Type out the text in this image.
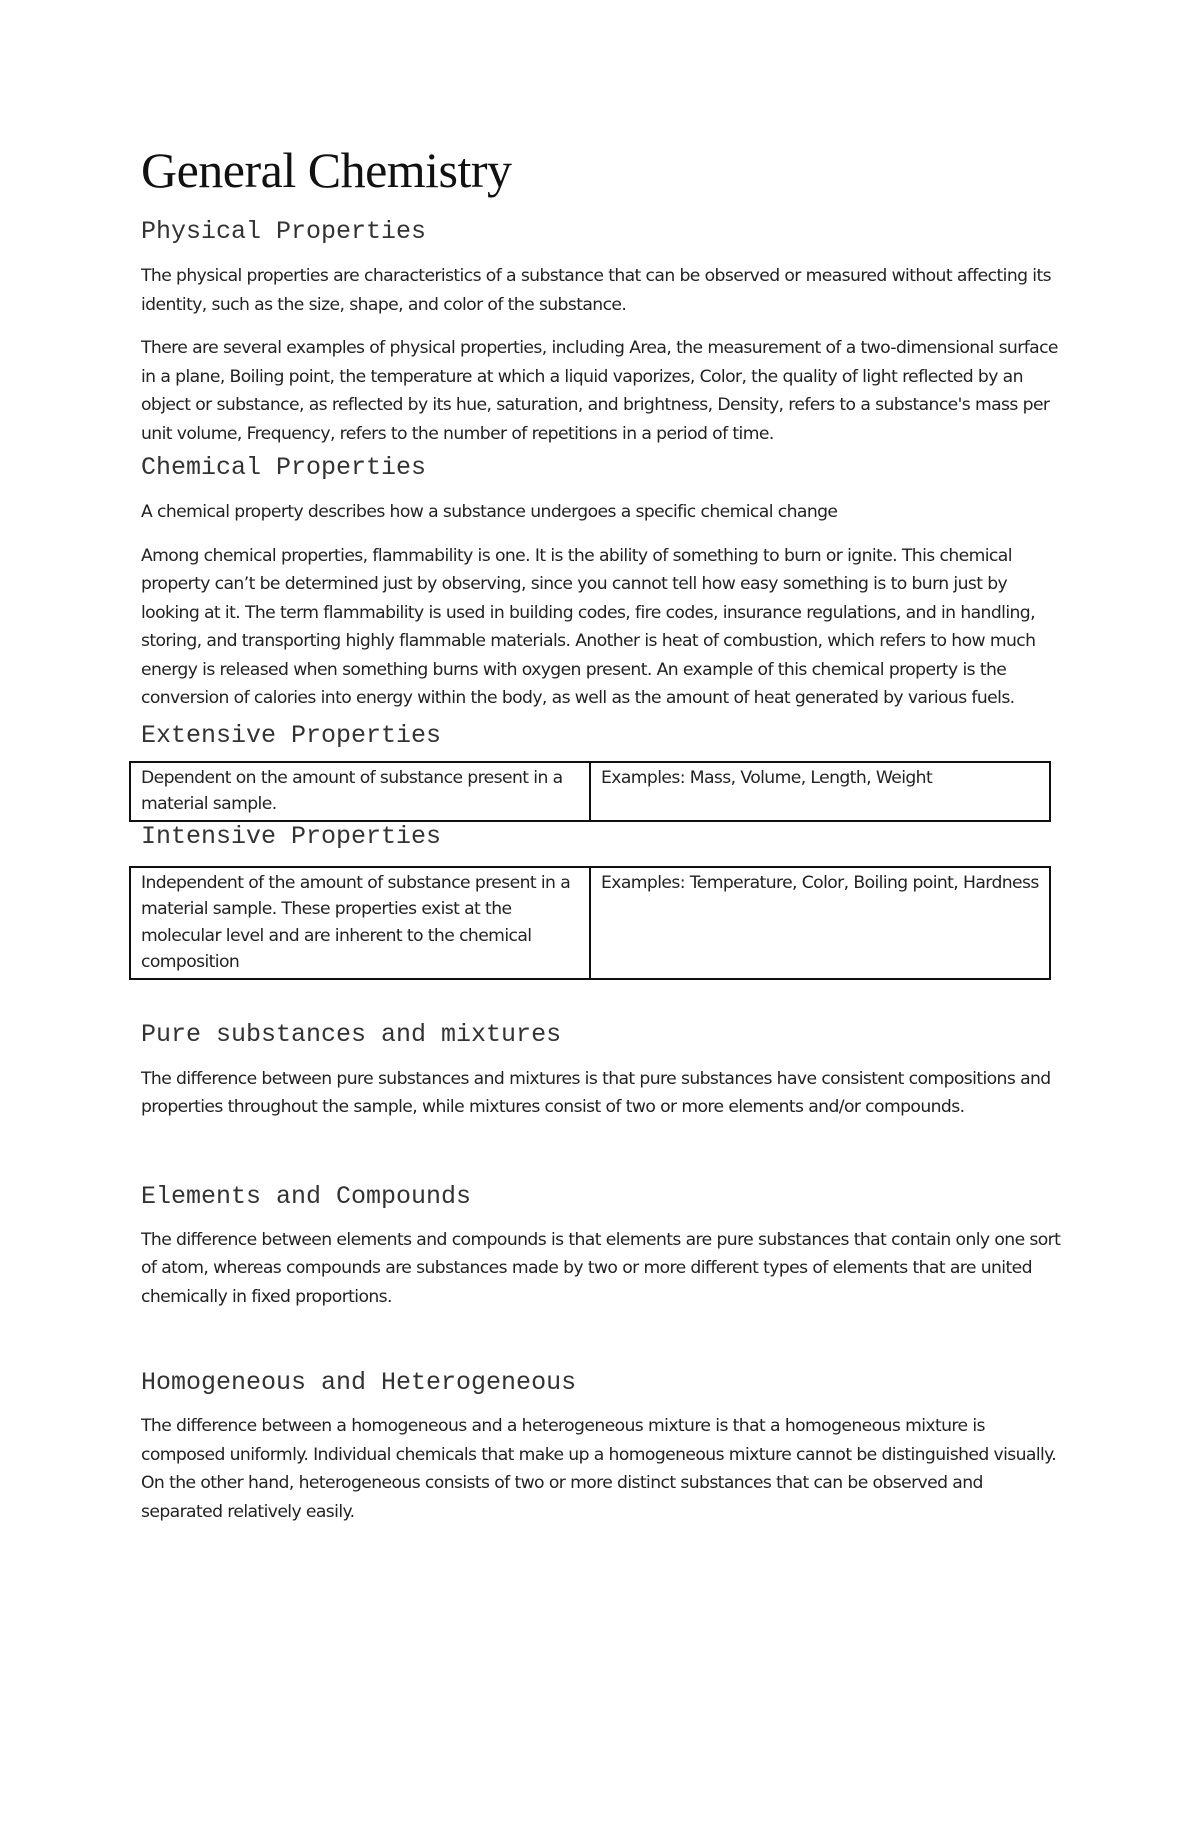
General Chemistry
Physical Properties

The physical properties are characteristics of a substance that can be observed or measured without affecting its identity, such as the size, shape, and color of the substance.

There are several examples of physical properties, including Area, the measurement of a two-dimensional surface in a plane, Boiling point, the temperature at which a liquid vaporizes, Color, the quality of light reflected by an object or substance, as reflected by its hue, saturation, and brightness, Density, refers to a substance's mass per unit volume, Frequency, refers to the number of repetitions in a period of time.

Chemical Properties

A chemical property describes how a substance undergoes a specific chemical change

Among chemical properties, flammability is one. It is the ability of something to burn or ignite. This chemical property can’t be determined just by observing, since you cannot tell how easy something is to burn just by looking at it. The term flammability is used in building codes, fire codes, insurance regulations, and in handling, storing, and transporting highly flammable materials. Another is heat of combustion, which refers to how much energy is released when something burns with oxygen present. An example of this chemical property is the conversion of calories into energy within the body, as well as the amount of heat generated by various fuels.

Extensive Properties
Dependent on the amount of substance present in a material sample.	Examples: Mass, Volume, Length, Weight
Intensive Properties
Independent of the amount of substance present in a material sample. These properties exist at the molecular level and are inherent to the chemical composition	Examples: Temperature, Color, Boiling point, Hardness
Pure substances and mixtures

The difference between pure substances and mixtures is that pure substances have consistent compositions and properties throughout the sample, while mixtures consist of two or more elements and/or compounds.

Elements and Compounds

The difference between elements and compounds is that elements are pure substances that contain only one sort of atom, whereas compounds are substances made by two or more different types of elements that are united chemically in fixed proportions.

Homogeneous and Heterogeneous

The difference between a homogeneous and a heterogeneous mixture is that a homogeneous mixture is composed uniformly. Individual chemicals that make up a homogeneous mixture cannot be distinguished visually. On the other hand, heterogeneous consists of two or more distinct substances that can be observed and separated relatively easily.
